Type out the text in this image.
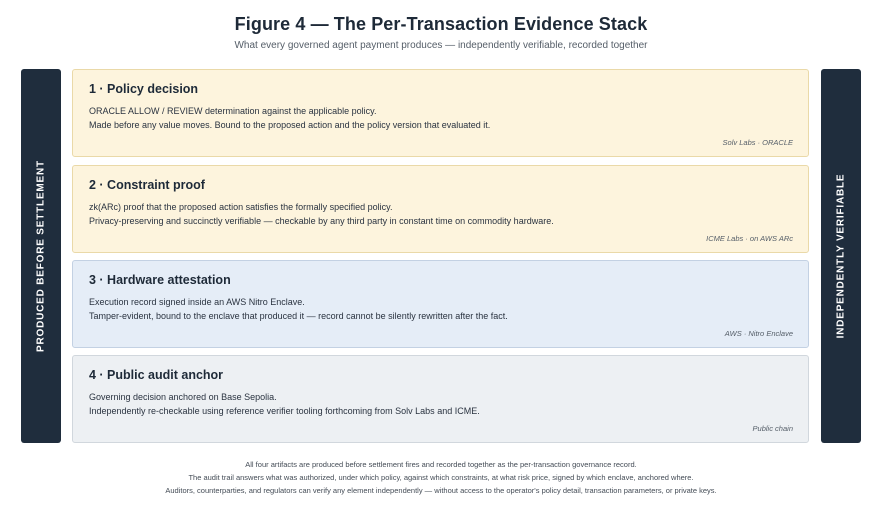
Figure 4 — The Per-Transaction Evidence Stack
What every governed agent payment produces — independently verifiable, recorded together
PRODUCED BEFORE SETTLEMENT
1 · Policy decision
ORACLE ALLOW / REVIEW determination against the applicable policy.
Made before any value moves. Bound to the proposed action and the policy version that evaluated it.
Solv Labs · ORACLE
2 · Constraint proof
zk(ARc) proof that the proposed action satisfies the formally specified policy.
Privacy-preserving and succinctly verifiable — checkable by any third party in constant time on commodity hardware.
ICME Labs · on AWS ARc
3 · Hardware attestation
Execution record signed inside an AWS Nitro Enclave.
Tamper-evident, bound to the enclave that produced it — record cannot be silently rewritten after the fact.
AWS · Nitro Enclave
4 · Public audit anchor
Governing decision anchored on Base Sepolia.
Independently re-checkable using reference verifier tooling forthcoming from Solv Labs and ICME.
Public chain
INDEPENDENTLY VERIFIABLE
All four artifacts are produced before settlement fires and recorded together as the per-transaction governance record.
The audit trail answers what was authorized, under which policy, against which constraints, at what risk price, signed by which enclave, anchored where.
Auditors, counterparties, and regulators can verify any element independently — without access to the operator's policy detail, transaction parameters, or private keys.
